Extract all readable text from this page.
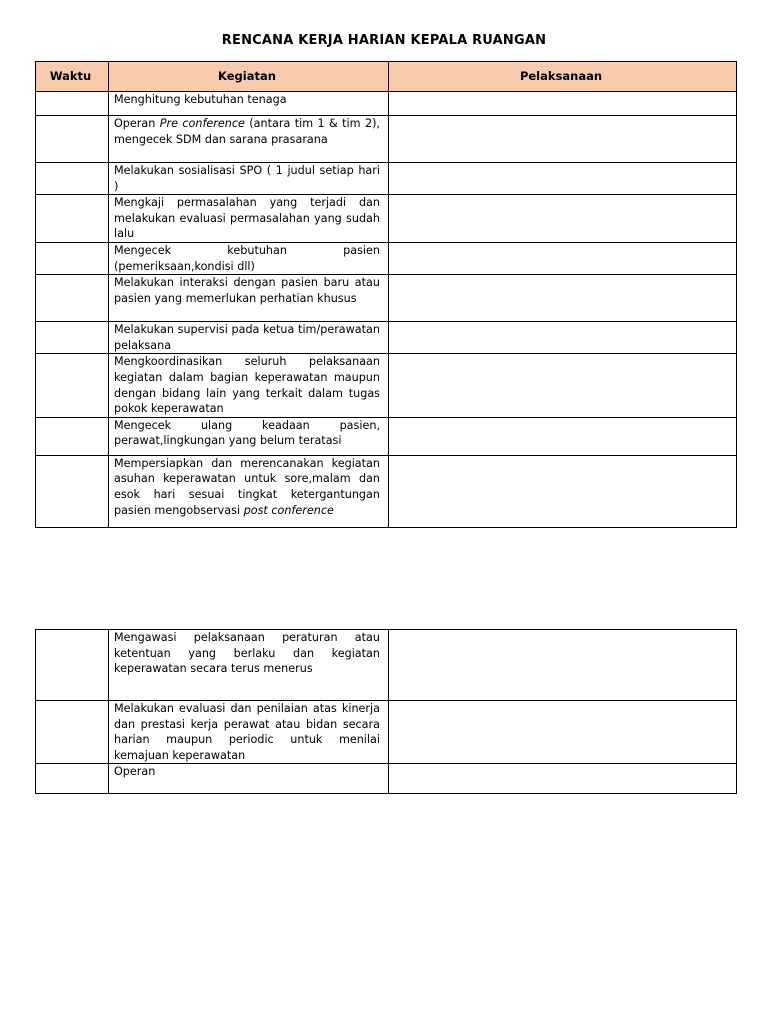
RENCANA KERJA HARIAN KEPALA RUANGAN
Waktu	Kegiatan	Pelaksanaan
	Menghitung kebutuhan tenaga	
	Operan Pre conference (antara tim 1 & tim 2), mengecek SDM dan sarana prasarana	
	Melakukan sosialisasi SPO ( 1 judul setiap hari )	
	Mengkaji permasalahan yang terjadi dan melakukan evaluasi permasalahan yang sudah lalu	
	Mengecek kebutuhan pasien (pemeriksaan,kondisi dll)	
	Melakukan interaksi dengan pasien baru atau pasien yang memerlukan perhatian khusus	
	Melakukan supervisi pada ketua tim/perawatan pelaksana	
	Mengkoordinasikan seluruh pelaksanaan kegiatan dalam bagian keperawatan maupun dengan bidang lain yang terkait dalam tugas pokok keperawatan	
	Mengecek ulang keadaan pasien, perawat,lingkungan yang belum teratasi	
	Mempersiapkan dan merencanakan kegiatan asuhan keperawatan untuk sore,malam dan esok hari sesuai tingkat ketergantungan pasien mengobservasi post conference	
	Mengawasi pelaksanaan peraturan atau ketentuan yang berlaku dan kegiatan keperawatan secara terus menerus	
	Melakukan evaluasi dan penilaian atas kinerja dan prestasi kerja perawat atau bidan secara harian maupun periodic untuk menilai kemajuan keperawatan	
	Operan	
